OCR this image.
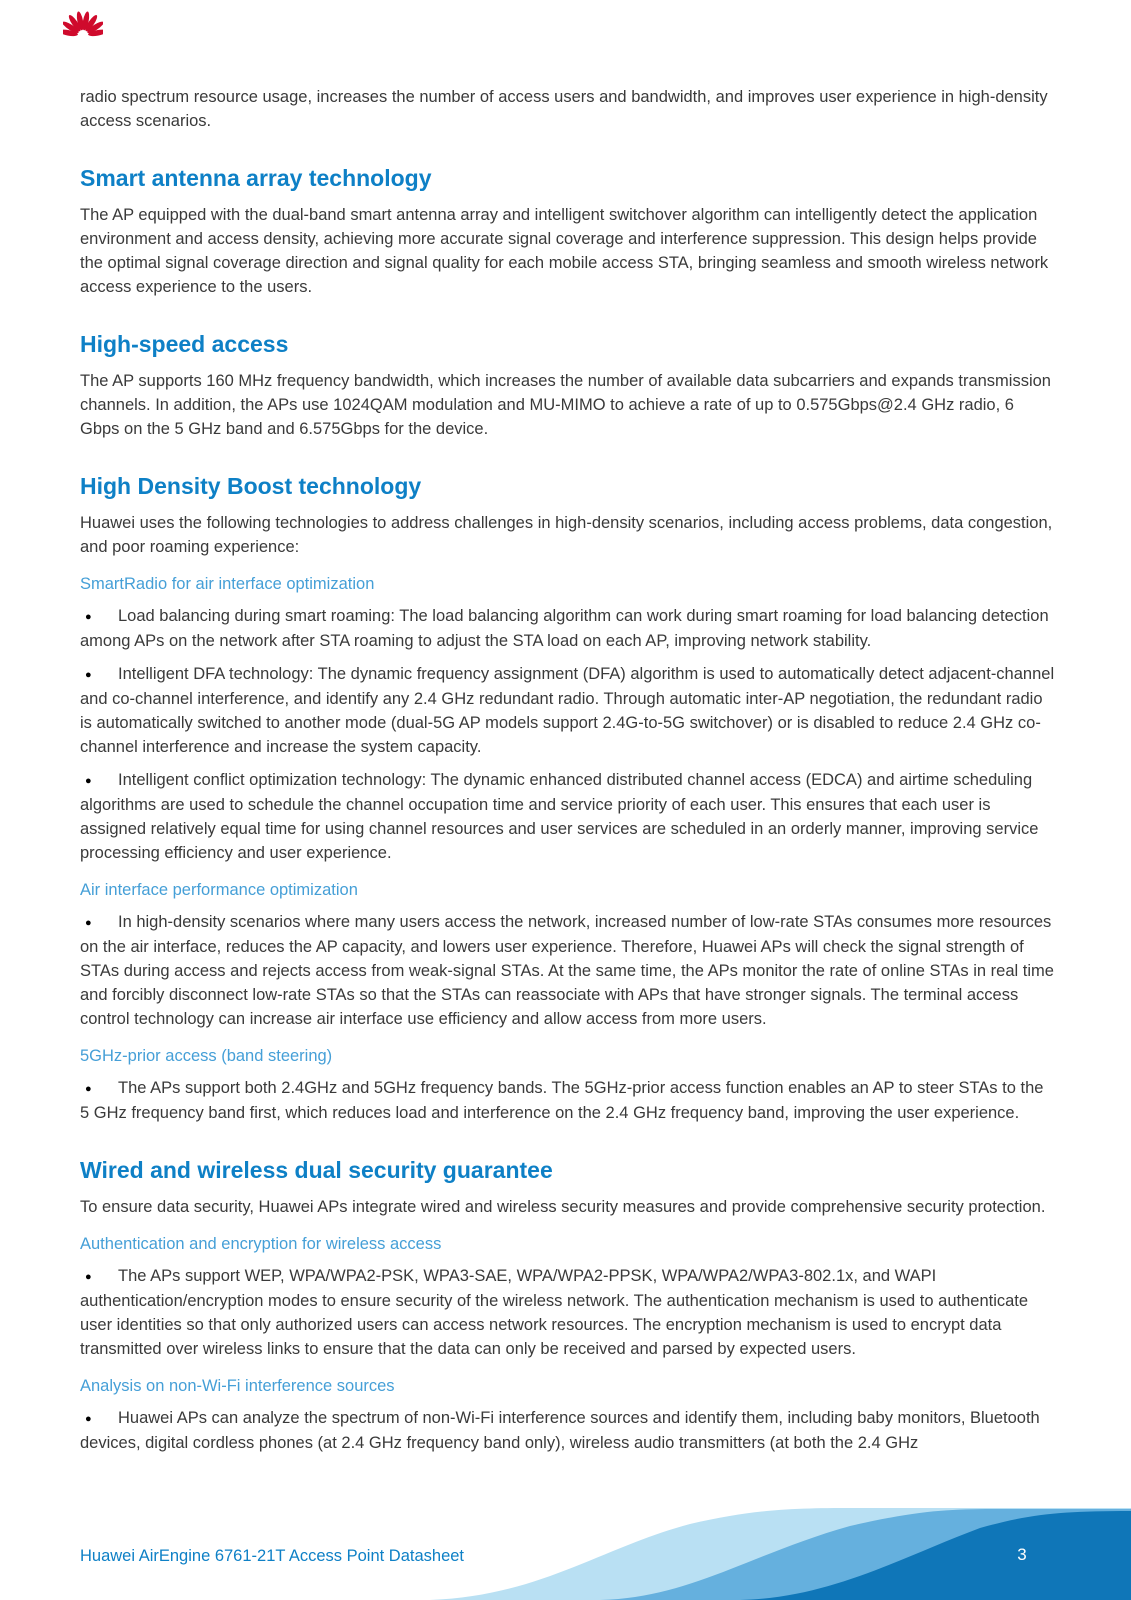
radio spectrum resource usage, increases the number of access users and bandwidth, and improves user experience in high-density access scenarios.

Smart antenna array technology

The AP equipped with the dual-band smart antenna array and intelligent switchover algorithm can intelligently detect the application environment and access density, achieving more accurate signal coverage and interference suppression. This design helps provide the optimal signal coverage direction and signal quality for each mobile access STA, bringing seamless and smooth wireless network access experience to the users.

High-speed access

The AP supports 160 MHz frequency bandwidth, which increases the number of available data subcarriers and expands transmission channels. In addition, the APs use 1024QAM modulation and MU-MIMO to achieve a rate of up to 0.575Gbps@2.4 GHz radio, 6 Gbps on the 5 GHz band and 6.575Gbps for the device.

High Density Boost technology

Huawei uses the following technologies to address challenges in high-density scenarios, including access problems, data congestion, and poor roaming experience:

SmartRadio for air interface optimization

● Load balancing during smart roaming: The load balancing algorithm can work during smart roaming for load balancing detection among APs on the network after STA roaming to adjust the STA load on each AP, improving network stability.

● Intelligent DFA technology: The dynamic frequency assignment (DFA) algorithm is used to automatically detect adjacent-channel and co-channel interference, and identify any 2.4 GHz redundant radio. Through automatic inter-AP negotiation, the redundant radio is automatically switched to another mode (dual-5G AP models support 2.4G-to-5G switchover) or is disabled to reduce 2.4 GHz co-channel interference and increase the system capacity.

● Intelligent conflict optimization technology: The dynamic enhanced distributed channel access (EDCA) and airtime scheduling algorithms are used to schedule the channel occupation time and service priority of each user. This ensures that each user is assigned relatively equal time for using channel resources and user services are scheduled in an orderly manner, improving service processing efficiency and user experience.

Air interface performance optimization

● In high-density scenarios where many users access the network, increased number of low-rate STAs consumes more resources on the air interface, reduces the AP capacity, and lowers user experience. Therefore, Huawei APs will check the signal strength of STAs during access and rejects access from weak-signal STAs. At the same time, the APs monitor the rate of online STAs in real time and forcibly disconnect low-rate STAs so that the STAs can reassociate with APs that have stronger signals. The terminal access control technology can increase air interface use efficiency and allow access from more users.

5GHz-prior access (band steering)

● The APs support both 2.4GHz and 5GHz frequency bands. The 5GHz-prior access function enables an AP to steer STAs to the 5 GHz frequency band first, which reduces load and interference on the 2.4 GHz frequency band, improving the user experience.

Wired and wireless dual security guarantee

To ensure data security, Huawei APs integrate wired and wireless security measures and provide comprehensive security protection.

Authentication and encryption for wireless access

● The APs support WEP, WPA/WPA2-PSK, WPA3-SAE, WPA/WPA2-PPSK, WPA/WPA2/WPA3-802.1x, and WAPI authentication/encryption modes to ensure security of the wireless network. The authentication mechanism is used to authenticate user identities so that only authorized users can access network resources. The encryption mechanism is used to encrypt data transmitted over wireless links to ensure that the data can only be received and parsed by expected users.

Analysis on non-Wi-Fi interference sources

● Huawei APs can analyze the spectrum of non-Wi-Fi interference sources and identify them, including baby monitors, Bluetooth devices, digital cordless phones (at 2.4 GHz frequency band only), wireless audio transmitters (at both the 2.4 GHz

Huawei AirEngine 6761-21T Access Point Datasheet	3
